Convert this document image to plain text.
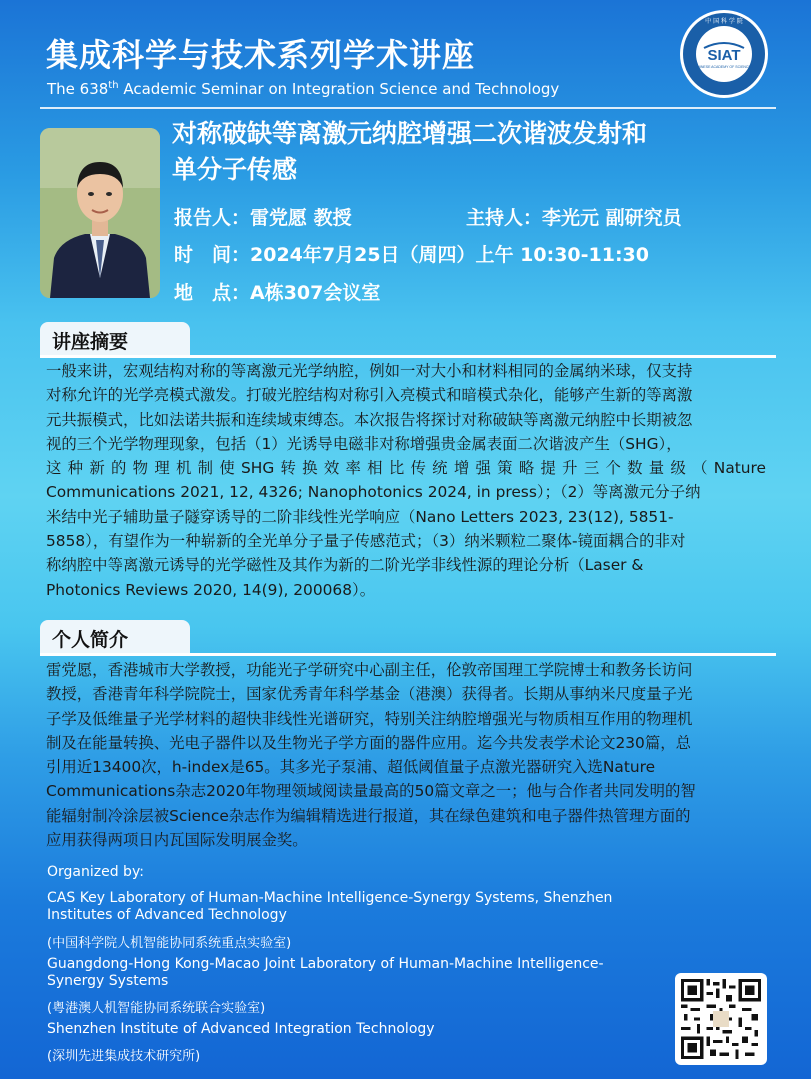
集成科学与技术系列学术讲座
The 638th Academic Seminar on Integration Science and Technology
SIAT
CHINESE ACADEMY OF SCIENCES
中 国 科 学 院
对称破缺等离激元纳腔增强二次谐波发射和
单分子传感
报告人：雷党愿 教授	主持人：李光元 副研究员
时　间：2024年7月25日（周四）上午 10:30-11:30
地　点：A栋307会议室
讲座摘要
一般来讲，宏观结构对称的等离激元光学纳腔，例如一对大小和材料相同的金属纳米球，仅支持
对称允许的光学亮模式激发。打破光腔结构对称引入亮模式和暗模式杂化，能够产生新的等离激
元共振模式，比如法诺共振和连续域束缚态。本次报告将探讨对称破缺等离激元纳腔中长期被忽
视的三个光学物理现象，包括（1）光诱导电磁非对称增强贵金属表面二次谐波产生（SHG），
这种新的物理机制使SHG转换效率相比传统增强策略提升三个数量级（Nature
Communications 2021, 12, 4326; Nanophotonics 2024, in press）；（2）等离激元分子纳
米结中光子辅助量子隧穿诱导的二阶非线性光学响应（Nano Letters 2023, 23(12), 5851-
5858），有望作为一种崭新的全光单分子量子传感范式；（3）纳米颗粒二聚体-镜面耦合的非对
称纳腔中等离激元诱导的光学磁性及其作为新的二阶光学非线性源的理论分析（Laser &
Photonics Reviews 2020, 14(9), 200068）。
个人简介
雷党愿，香港城市大学教授，功能光子学研究中心副主任，伦敦帝国理工学院博士和教务长访问
教授，香港青年科学院院士，国家优秀青年科学基金（港澳）获得者。长期从事纳米尺度量子光
子学及低维量子光学材料的超快非线性光谱研究，特别关注纳腔增强光与物质相互作用的物理机
制及在能量转换、光电子器件以及生物光子学方面的器件应用。迄今共发表学术论文230篇，总
引用近13400次，h-index是65。其多光子泵浦、超低阈值量子点激光器研究入选Nature
Communications杂志2020年物理领域阅读量最高的50篇文章之一；他与合作者共同发明的智
能辐射制冷涂层被Science杂志作为编辑精选进行报道，其在绿色建筑和电子器件热管理方面的
应用获得两项日内瓦国际发明展金奖。
Organized by:
CAS Key Laboratory of Human-Machine Intelligence-Synergy Systems, Shenzhen Institutes of Advanced Technology
(中国科学院人机智能协同系统重点实验室)
Guangdong-Hong Kong-Macao Joint Laboratory of Human-Machine Intelligence-Synergy Systems
(粤港澳人机智能协同系统联合实验室)
Shenzhen Institute of Advanced Integration Technology
(深圳先进集成技术研究所)
